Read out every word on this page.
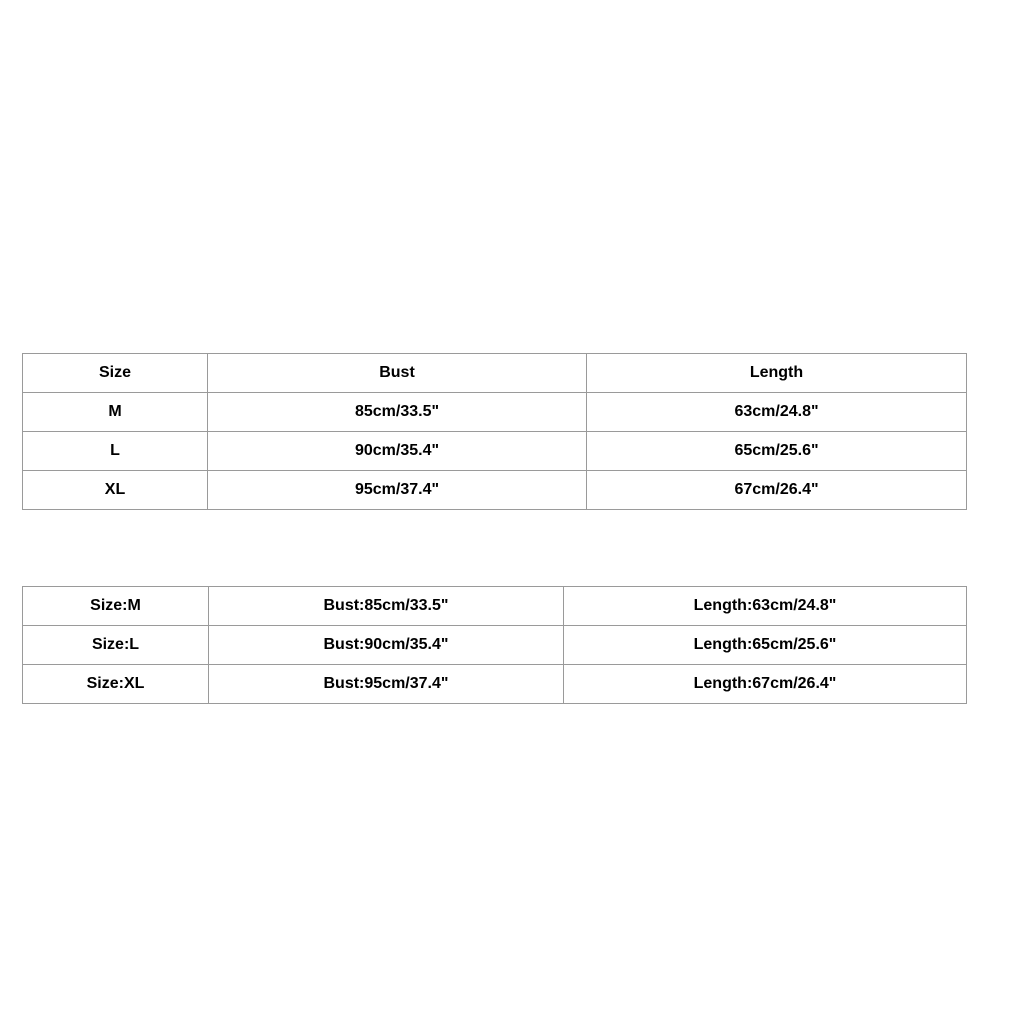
Size	Bust	Length
M	85cm/33.5"	63cm/24.8"
L	90cm/35.4"	65cm/25.6"
XL	95cm/37.4"	67cm/26.4"
Size:M	Bust:85cm/33.5"	Length:63cm/24.8"
Size:L	Bust:90cm/35.4"	Length:65cm/25.6"
Size:XL	Bust:95cm/37.4"	Length:67cm/26.4"
